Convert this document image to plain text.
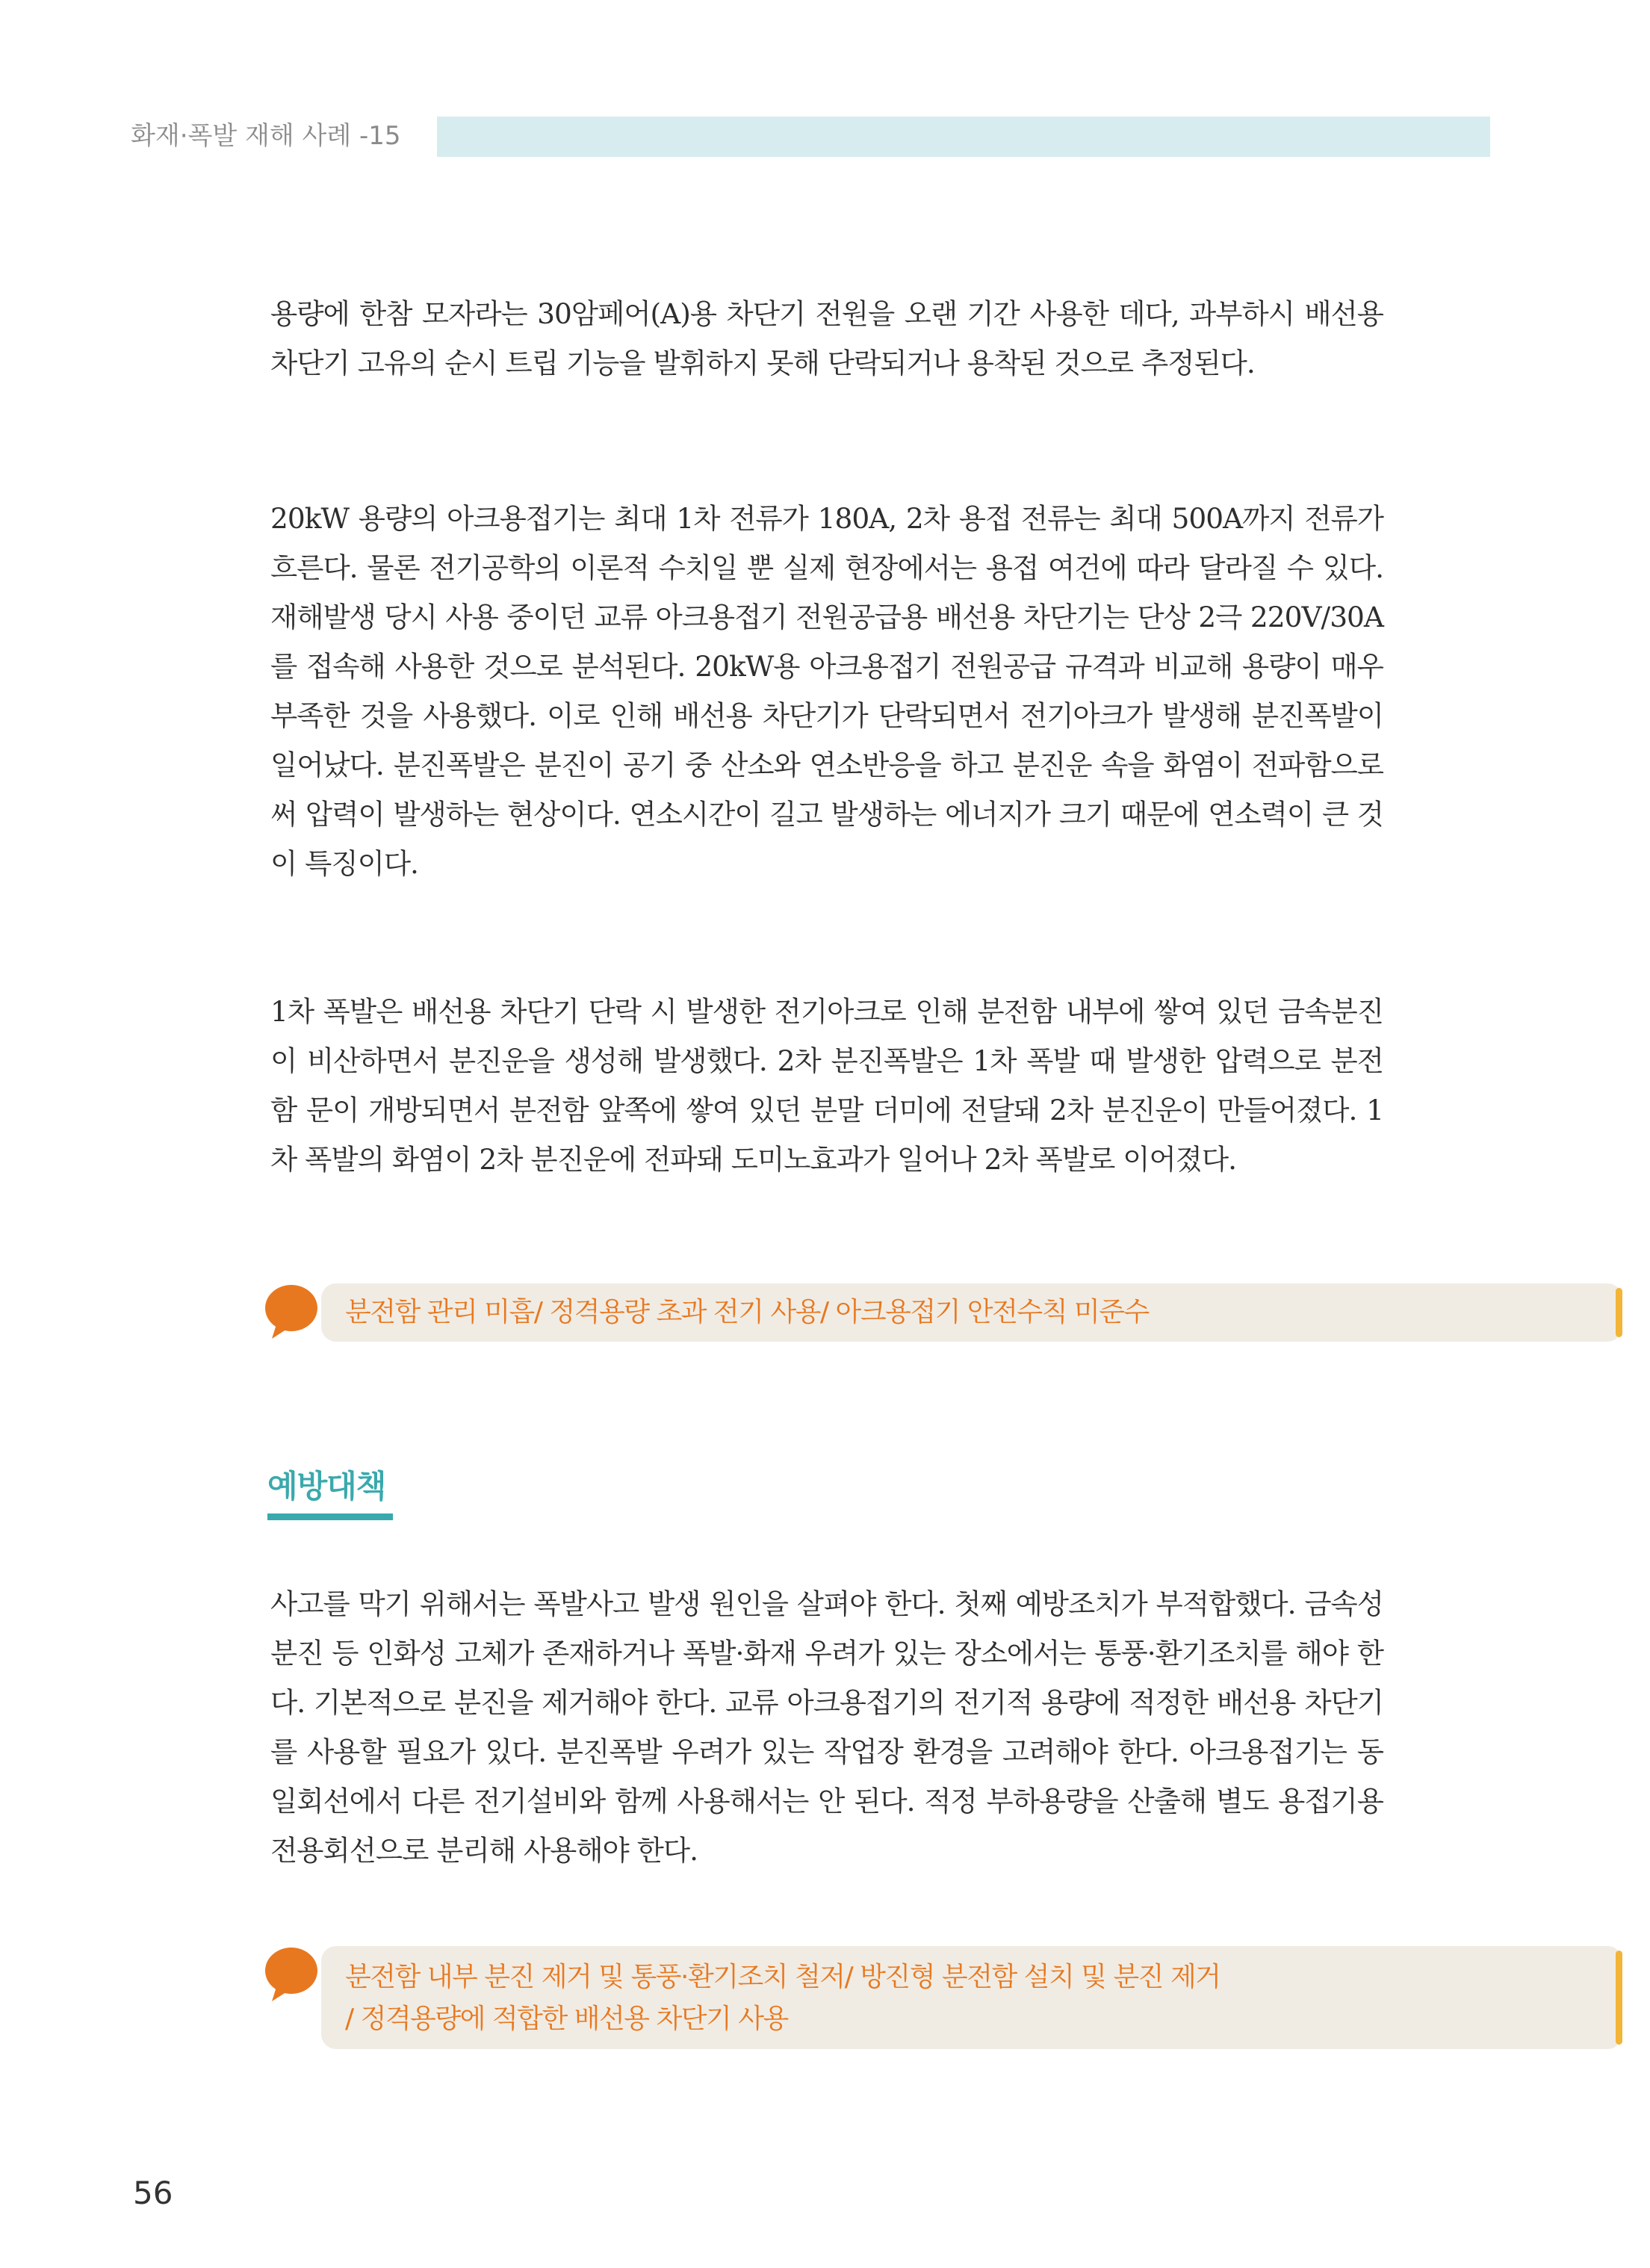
화재·폭발 재해 사례 -15

용량에 한참 모자라는 30암페어(A)용 차단기 전원을 오랜 기간 사용한 데다, 과부하시 배선용 차단기 고유의 순시 트립 기능을 발휘하지 못해 단락되거나 용착된 것으로 추정된다.

20kW 용량의 아크용접기는 최대 1차 전류가 180A, 2차 용접 전류는 최대 500A까지 전류가 흐른다. 물론 전기공학의 이론적 수치일 뿐 실제 현장에서는 용접 여건에 따라 달라질 수 있다. 재해발생 당시 사용 중이던 교류 아크용접기 전원공급용 배선용 차단기는 단상 2극 220V/30A를 접속해 사용한 것으로 분석된다. 20kW용 아크용접기 전원공급 규격과 비교해 용량이 매우 부족한 것을 사용했다. 이로 인해 배선용 차단기가 단락되면서 전기아크가 발생해 분진폭발이 일어났다. 분진폭발은 분진이 공기 중 산소와 연소반응을 하고 분진운 속을 화염이 전파함으로써 압력이 발생하는 현상이다. 연소시간이 길고 발생하는 에너지가 크기 때문에 연소력이 큰 것이 특징이다.

1차 폭발은 배선용 차단기 단락 시 발생한 전기아크로 인해 분전함 내부에 쌓여 있던 금속분진이 비산하면서 분진운을 생성해 발생했다. 2차 분진폭발은 1차 폭발 때 발생한 압력으로 분전함 문이 개방되면서 분전함 앞쪽에 쌓여 있던 분말 더미에 전달돼 2차 분진운이 만들어졌다. 1차 폭발의 화염이 2차 분진운에 전파돼 도미노효과가 일어나 2차 폭발로 이어졌다.

분전함 관리 미흡/ 정격용량 초과 전기 사용/ 아크용접기 안전수칙 미준수
예방대책

사고를 막기 위해서는 폭발사고 발생 원인을 살펴야 한다. 첫째 예방조치가 부적합했다. 금속성 분진 등 인화성 고체가 존재하거나 폭발·화재 우려가 있는 장소에서는 통풍·환기조치를 해야 한다. 기본적으로 분진을 제거해야 한다. 교류 아크용접기의 전기적 용량에 적정한 배선용 차단기를 사용할 필요가 있다. 분진폭발 우려가 있는 작업장 환경을 고려해야 한다. 아크용접기는 동일회선에서 다른 전기설비와 함께 사용해서는 안 된다. 적정 부하용량을 산출해 별도 용접기용 전용회선으로 분리해 사용해야 한다.

분전함 내부 분진 제거 및 통풍·환기조치 철저/ 방진형 분전함 설치 및 분진 제거
/ 정격용량에 적합한 배선용 차단기 사용
56
